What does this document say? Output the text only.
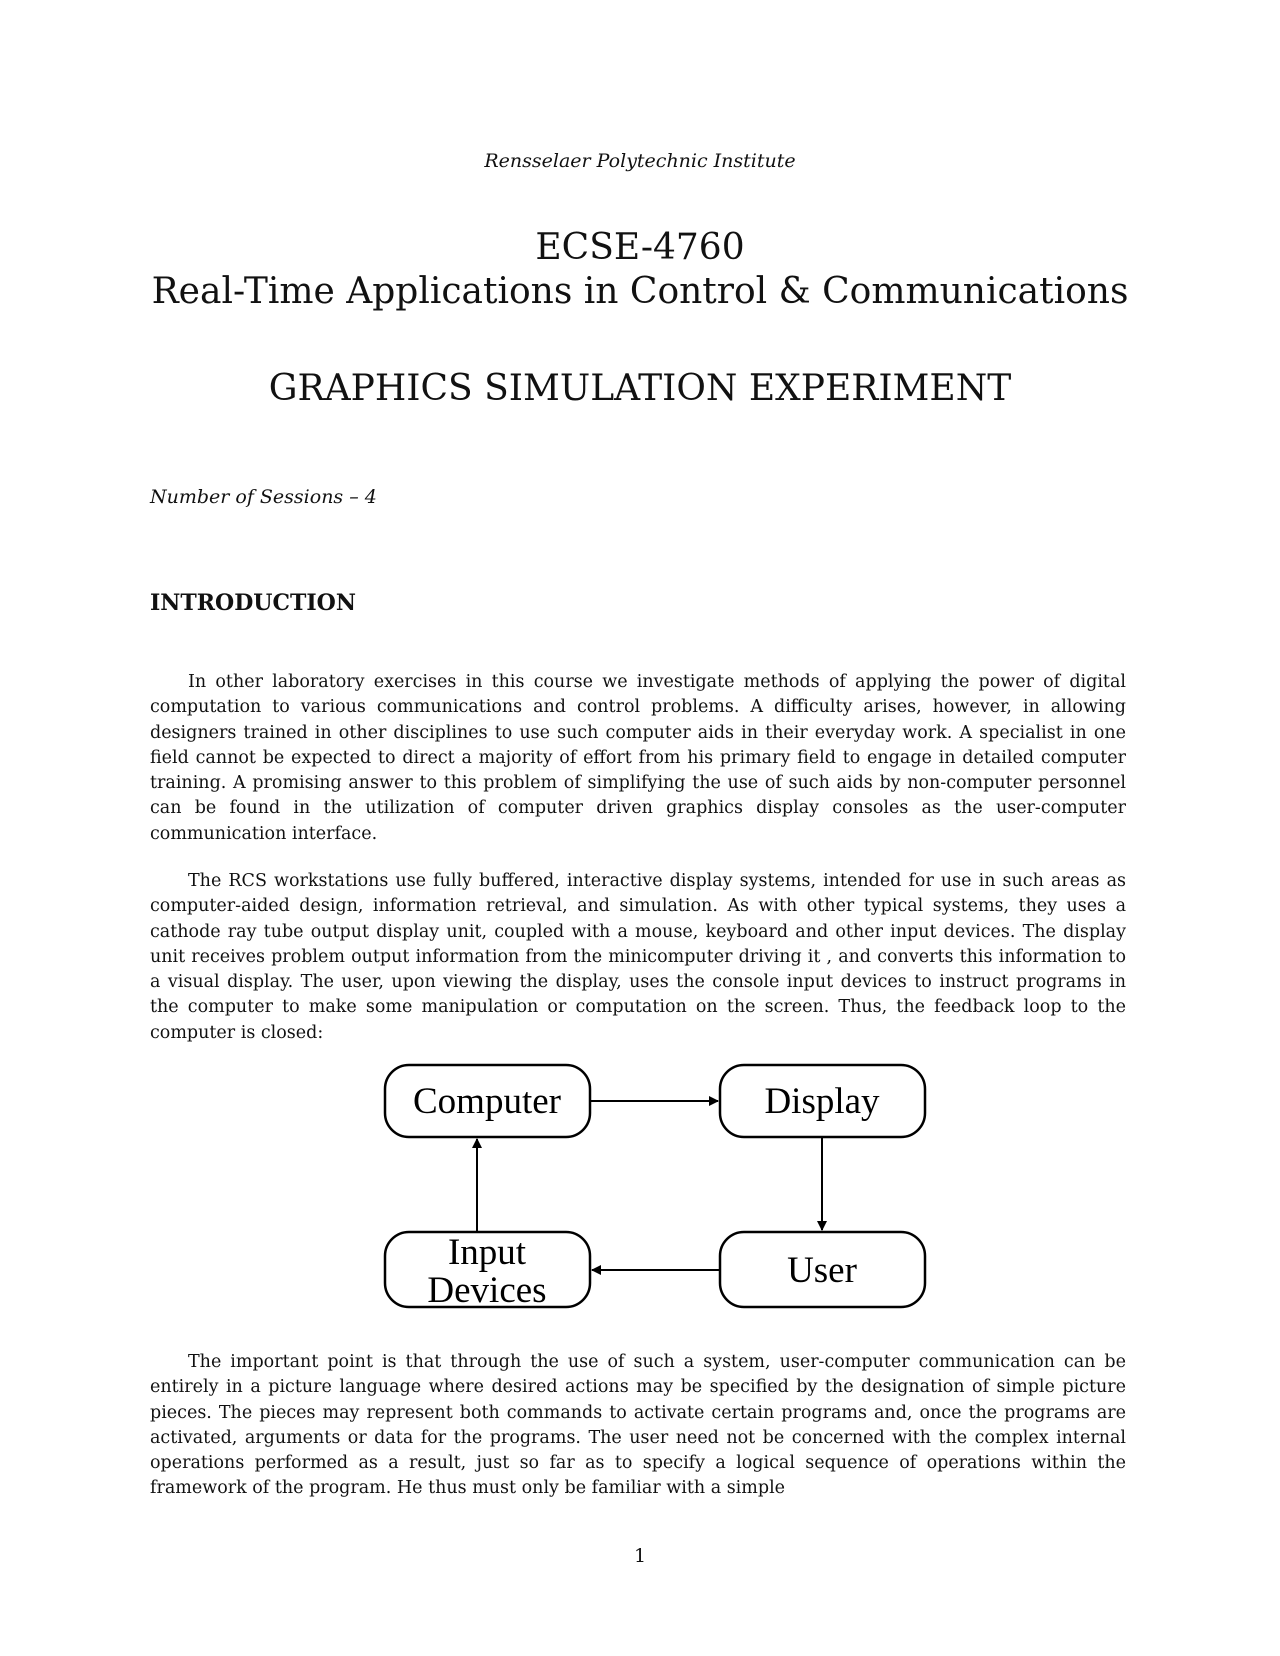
Rensselaer Polytechnic Institute
ECSE-4760
Real-Time Applications in Control & Communications
GRAPHICS SIMULATION EXPERIMENT
Number of Sessions – 4
INTRODUCTION

In other laboratory exercises in this course we investigate methods of applying the power of digital computation to various communications and control problems. A difficulty arises, however, in allowing designers trained in other disciplines to use such computer aids in their everyday work. A specialist in one field cannot be expected to direct a majority of effort from his primary field to engage in detailed computer training. A promising answer to this problem of simplifying the use of such aids by non-computer personnel can be found in the utilization of computer driven graphics display consoles as the user-computer communication interface.

The RCS workstations use fully buffered, interactive display systems, intended for use in such areas as computer-aided design, information retrieval, and simulation. As with other typical systems, they uses a cathode ray tube output display unit, coupled with a mouse, keyboard and other input devices. The display unit receives problem output information from the minicomputer driving it , and converts this information to a visual display. The user, upon viewing the display, uses the console input devices to instruct programs in the computer to make some manipulation or computation on the screen. Thus, the feedback loop to the computer is closed:

Computer	Display
Input
Devices	User

The important point is that through the use of such a system, user-computer communication can be entirely in a picture language where desired actions may be specified by the designation of simple picture pieces. The pieces may represent both commands to activate certain programs and, once the programs are activated, arguments or data for the programs. The user need not be concerned with the complex internal operations performed as a result, just so far as to specify a logical sequence of operations within the framework of the program. He thus must only be familiar with a simple

1
